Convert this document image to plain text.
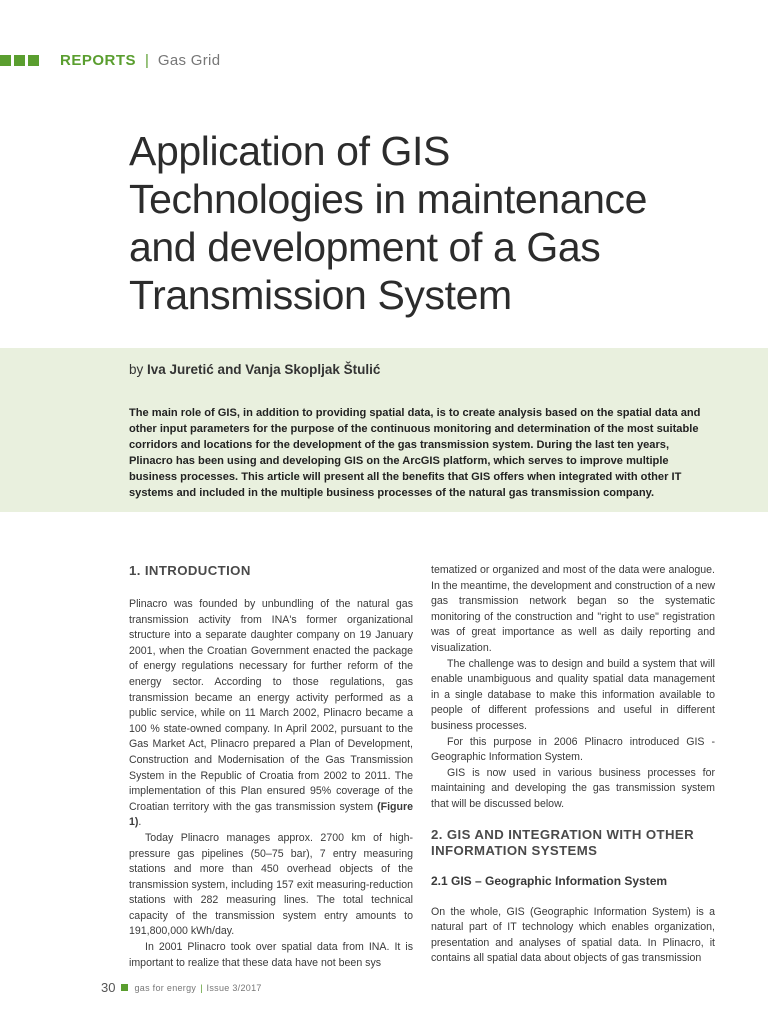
REPORTS | Gas Grid
Application of GIS
Technologies in maintenance
and development of a Gas
Transmission System
by Iva Juretić and Vanja Skopljak Štulić

The main role of GIS, in addition to providing spatial data, is to create analysis based on the spatial data and other input parameters for the purpose of the continuous monitoring and determination of the most suitable corridors and locations for the development of the gas transmission system. During the last ten years, Plinacro has been using and developing GIS on the ArcGIS platform, which serves to improve multiple business processes. This article will present all the benefits that GIS offers when integrated with other IT systems and included in the multiple business processes of the natural gas transmission company.

1. INTRODUCTION

Plinacro was founded by unbundling of the natural gas transmission activity from INA's former organizational structure into a separate daughter company on 19 January 2001, when the Croatian Government enacted the package of energy regulations necessary for further reform of the energy sector. According to those regulations, gas transmission became an energy activity performed as a public service, while on 11 March 2002, Plinacro became a 100 % state-owned company. In April 2002, pursuant to the Gas Market Act, Plinacro prepared a Plan of Development, Construction and Modernisation of the Gas Transmission System in the Republic of Croatia from 2002 to 2011. The implementation of this Plan ensured 95% coverage of the Croatian territory with the gas transmission system (Figure 1).

Today Plinacro manages approx. 2700 km of high-pressure gas pipelines (50–75 bar), 7 entry measuring stations and more than 450 overhead objects of the transmission system, including 157 exit measuring-reduction stations with 282 measuring lines. The total technical capacity of the transmission system entry amounts to 191,800,000 kWh/day.

In 2001 Plinacro took over spatial data from INA. It is important to realize that these data have not been sys

tematized or organized and most of the data were analogue. In the meantime, the development and construction of a new gas transmission network began so the systematic monitoring of the construction and "right to use" registration was of great importance as well as daily reporting and visualization.

The challenge was to design and build a system that will enable unambiguous and quality spatial data management in a single database to make this information available to people of different professions and useful in different business processes.

For this purpose in 2006 Plinacro introduced GIS - Geographic Information System.

GIS is now used in various business processes for maintaining and developing the gas transmission system that will be discussed below.

2. GIS AND INTEGRATION WITH OTHER INFORMATION SYSTEMS
2.1 GIS – Geographic Information System

On the whole, GIS (Geographic Information System) is a natural part of IT technology which enables organization, presentation and analyses of spatial data. In Plinacro, it contains all spatial data about objects of gas transmission

30 gas for energy | Issue 3/2017
